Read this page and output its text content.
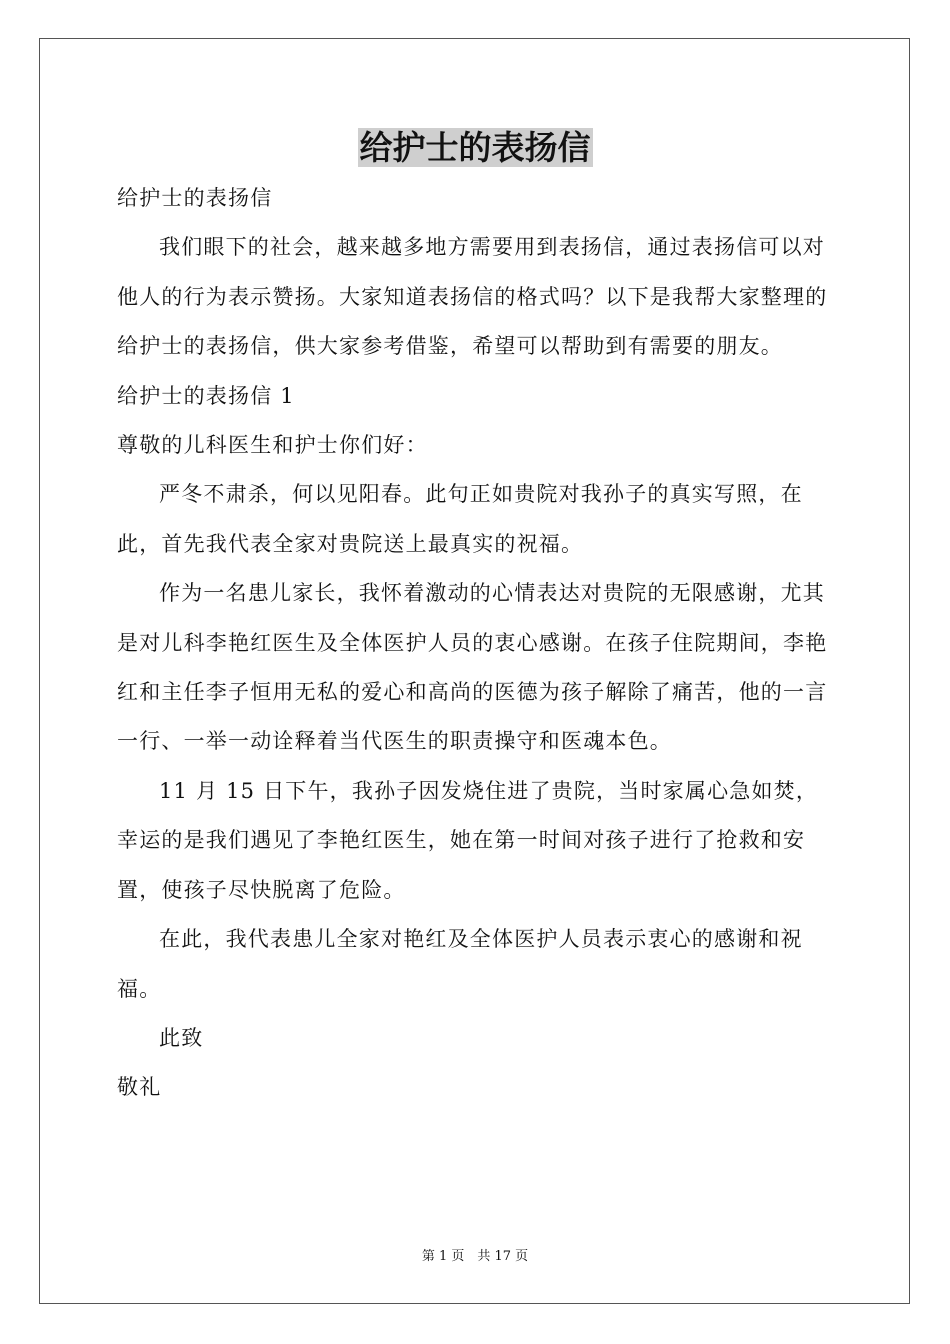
给护士的表扬信

给护士的表扬信

我们眼下的社会，越来越多地方需要用到表扬信，通过表扬信可以对他人的行为表示赞扬。大家知道表扬信的格式吗？以下是我帮大家整理的给护士的表扬信，供大家参考借鉴，希望可以帮助到有需要的朋友。

给护士的表扬信 1

尊敬的儿科医生和护士你们好：

严冬不肃杀，何以见阳春。此句正如贵院对我孙子的真实写照，在此，首先我代表全家对贵院送上最真实的祝福。

作为一名患儿家长，我怀着激动的心情表达对贵院的无限感谢，尤其是对儿科李艳红医生及全体医护人员的衷心感谢。在孩子住院期间，李艳红和主任李子恒用无私的爱心和高尚的医德为孩子解除了痛苦，他的一言一行、一举一动诠释着当代医生的职责操守和医魂本色。

11 月 15 日下午，我孙子因发烧住进了贵院，当时家属心急如焚，幸运的是我们遇见了李艳红医生，她在第一时间对孩子进行了抢救和安置，使孩子尽快脱离了危险。

在此，我代表患儿全家对艳红及全体医护人员表示衷心的感谢和祝福。

此致

敬礼

第 1 页　共 17 页
